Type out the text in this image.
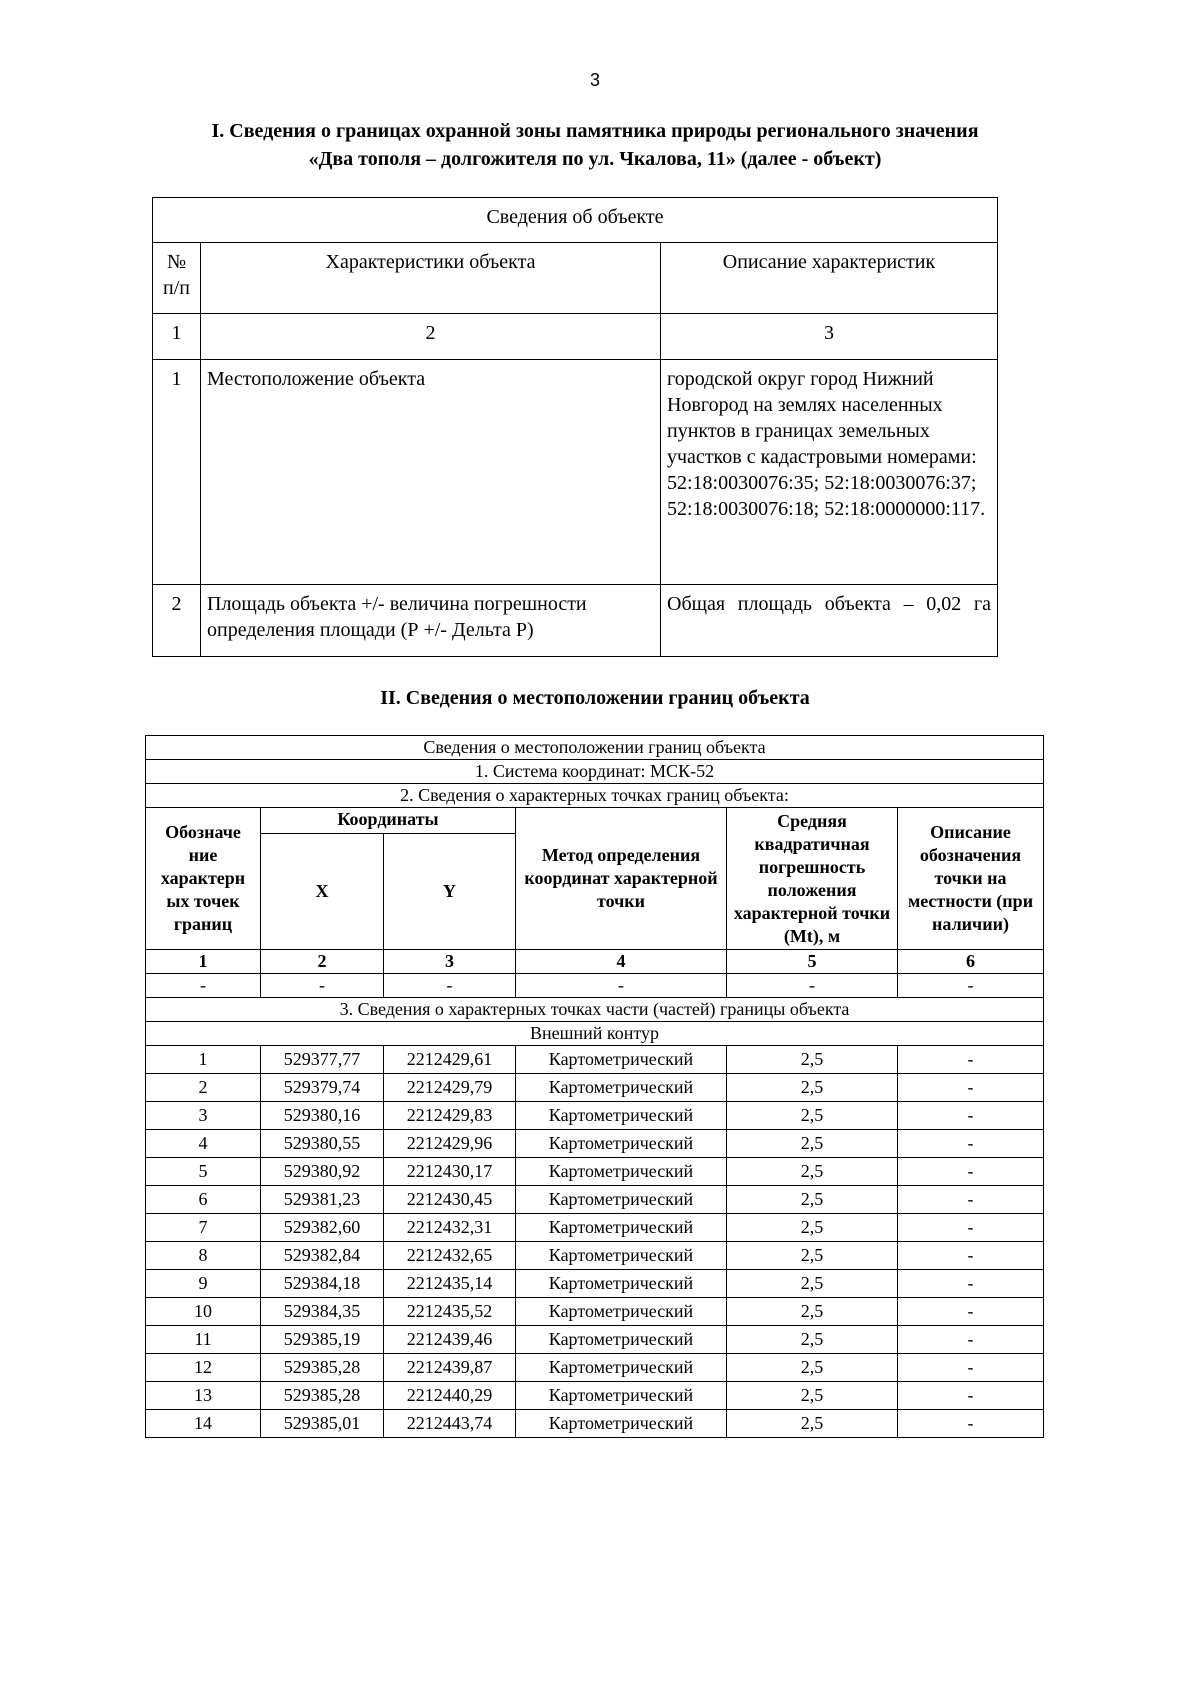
3
I. Сведения о границах охранной зоны памятника природы регионального значения
«Два тополя – долгожителя по ул. Чкалова, 11» (далее - объект)
Сведения об объекте		
№ п/п	Характеристики объекта	Описание характеристик
1	2	3
1	Местоположение объекта	городской округ город Нижний Новгород на землях населенных пунктов в границах земельных участков с кадастровыми номерами: 52:18:0030076:35; 52:18:0030076:37; 52:18:0030076:18; 52:18:0000000:117.
2	Площадь объекта +/- величина погрешности определения площади (Р +/- Дельта Р)	Общая площадь объекта – 0,02 га
II. Сведения о местоположении границ объекта
Сведения о местоположении границ объекта					
1. Система координат: МСК-52					
2. Сведения о характерных точках границ объекта:					
Обозначе ние характерн ых точек границ	Координаты		Метод определения координат характерной точки	Средняя квадратичная погрешность положения характерной точки (Mt), м	Описание обозначения точки на местности (при наличии)
	X	Y			
1	2	3	4	5	6
-	-	-	-	-	-
3. Сведения о характерных точках части (частей) границы объекта					
Внешний контур					
1	529377,77	2212429,61	Картометрический	2,5	-
2	529379,74	2212429,79	Картометрический	2,5	-
3	529380,16	2212429,83	Картометрический	2,5	-
4	529380,55	2212429,96	Картометрический	2,5	-
5	529380,92	2212430,17	Картометрический	2,5	-
6	529381,23	2212430,45	Картометрический	2,5	-
7	529382,60	2212432,31	Картометрический	2,5	-
8	529382,84	2212432,65	Картометрический	2,5	-
9	529384,18	2212435,14	Картометрический	2,5	-
10	529384,35	2212435,52	Картометрический	2,5	-
11	529385,19	2212439,46	Картометрический	2,5	-
12	529385,28	2212439,87	Картометрический	2,5	-
13	529385,28	2212440,29	Картометрический	2,5	-
14	529385,01	2212443,74	Картометрический	2,5	-
